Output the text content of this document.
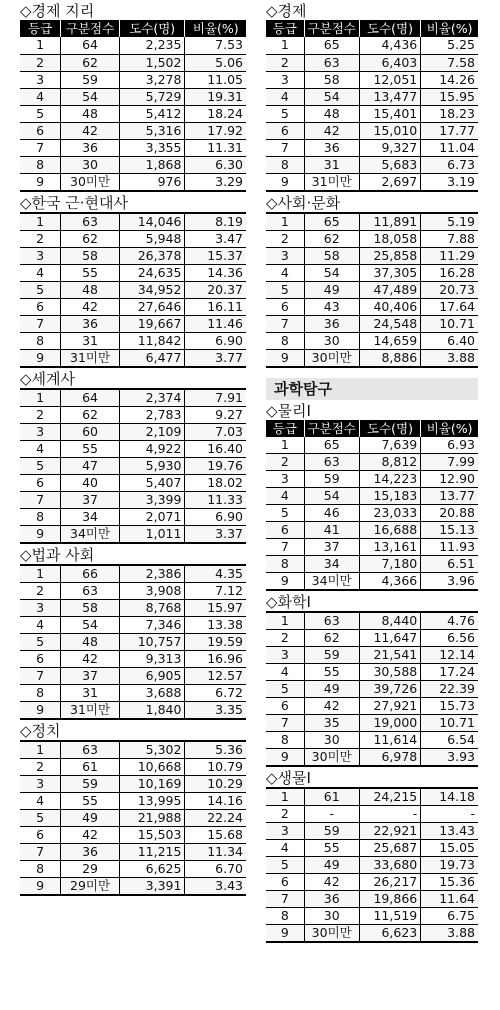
◇경제 지리
등급	구분점수	도수(명)	비율(%)
1	64	2,235	7.53
2	62	1,502	5.06
3	59	3,278	11.05
4	54	5,729	19.31
5	48	5,412	18.24
6	42	5,316	17.92
7	36	3,355	11.31
8	30	1,868	6.30
9	30미만	976	3.29
◇한국 근·현대사
1	63	14,046	8.19
2	62	5,948	3.47
3	58	26,378	15.37
4	55	24,635	14.36
5	48	34,952	20.37
6	42	27,646	16.11
7	36	19,667	11.46
8	31	11,842	6.90
9	31미만	6,477	3.77
◇세계사
1	64	2,374	7.91
2	62	2,783	9.27
3	60	2,109	7.03
4	55	4,922	16.40
5	47	5,930	19.76
6	40	5,407	18.02
7	37	3,399	11.33
8	34	2,071	6.90
9	34미만	1,011	3.37
◇법과 사회
1	66	2,386	4.35
2	63	3,908	7.12
3	58	8,768	15.97
4	54	7,346	13.38
5	48	10,757	19.59
6	42	9,313	16.96
7	37	6,905	12.57
8	31	3,688	6.72
9	31미만	1,840	3.35
◇정치
1	63	5,302	5.36
2	61	10,668	10.79
3	59	10,169	10.29
4	55	13,995	14.16
5	49	21,988	22.24
6	42	15,503	15.68
7	36	11,215	11.34
8	29	6,625	6.70
9	29미만	3,391	3.43
◇경제
등급	구분점수	도수(명)	비율(%)
1	65	4,436	5.25
2	63	6,403	7.58
3	58	12,051	14.26
4	54	13,477	15.95
5	48	15,401	18.23
6	42	15,010	17.77
7	36	9,327	11.04
8	31	5,683	6.73
9	31미만	2,697	3.19
◇사회·문화
1	65	11,891	5.19
2	62	18,058	7.88
3	58	25,858	11.29
4	54	37,305	16.28
5	49	47,489	20.73
6	43	40,406	17.64
7	36	24,548	10.71
8	30	14,659	6.40
9	30미만	8,886	3.88
과학탐구
◇물리Ⅰ
등급	구분점수	도수(명)	비율(%)
1	65	7,639	6.93
2	63	8,812	7.99
3	59	14,223	12.90
4	54	15,183	13.77
5	46	23,033	20.88
6	41	16,688	15.13
7	37	13,161	11.93
8	34	7,180	6.51
9	34미만	4,366	3.96
◇화학Ⅰ
1	63	8,440	4.76
2	62	11,647	6.56
3	59	21,541	12.14
4	55	30,588	17.24
5	49	39,726	22.39
6	42	27,921	15.73
7	35	19,000	10.71
8	30	11,614	6.54
9	30미만	6,978	3.93
◇생물Ⅰ
1	61	24,215	14.18
2	-	-	-
3	59	22,921	13.43
4	55	25,687	15.05
5	49	33,680	19.73
6	42	26,217	15.36
7	36	19,866	11.64
8	30	11,519	6.75
9	30미만	6,623	3.88
